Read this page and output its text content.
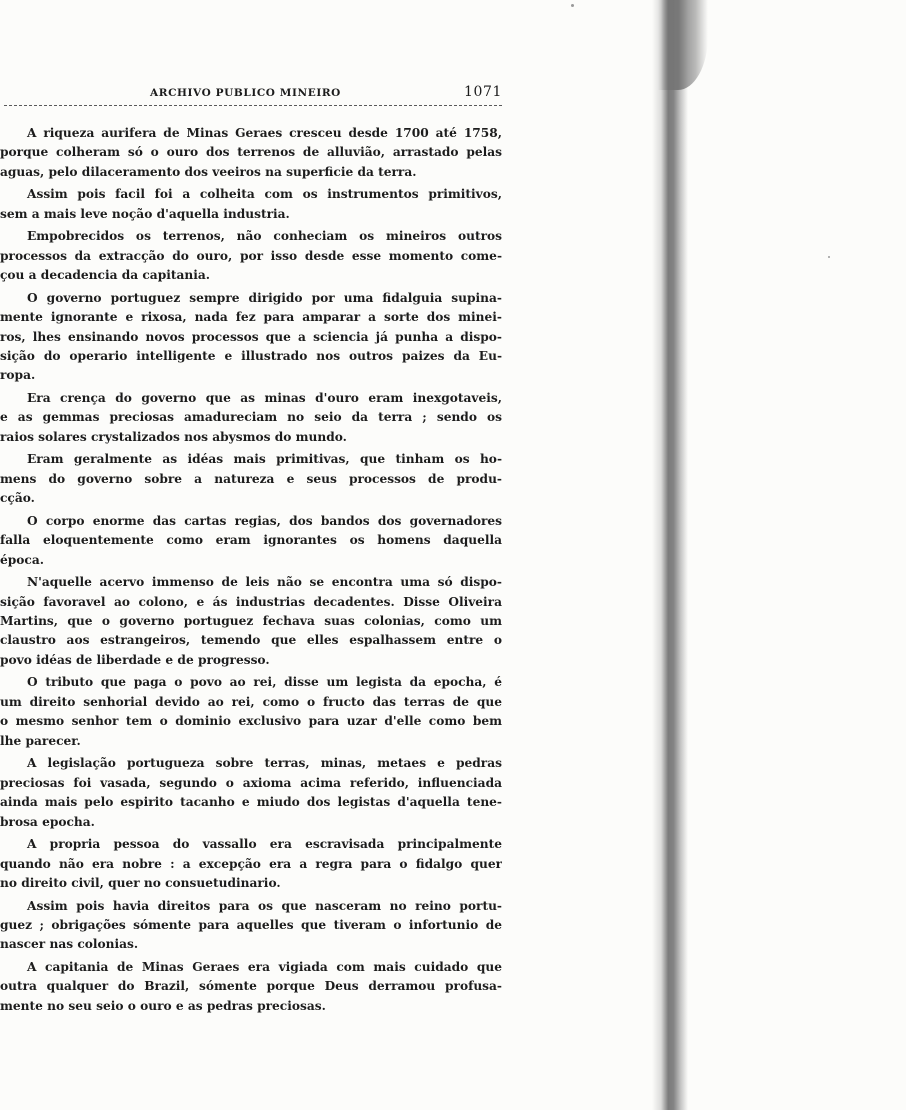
ARCHIVO PUBLICO MINEIRO	1071

A riqueza aurifera de Minas Geraes cresceu desde 1700 até 1758,
porque colheram só o ouro dos terrenos de alluvião, arrastado pelas
aguas, pelo dilaceramento dos veeiros na superficie da terra.

Assim pois facil foi a colheita com os instrumentos primitivos,
sem a mais leve noção d'aquella industria.

Empobrecidos os terrenos, não conheciam os mineiros outros
processos da extracção do ouro, por isso desde esse momento come-
çou a decadencia da capitania.

O governo portuguez sempre dirigido por uma fidalguia supina-
mente ignorante e rixosa, nada fez para amparar a sorte dos minei-
ros, lhes ensinando novos processos que a sciencia já punha a dispo-
sição do operario intelligente e illustrado nos outros paizes da Eu-
ropa.

Era crença do governo que as minas d'ouro eram inexgotaveis,
e as gemmas preciosas amadureciam no seio da terra ; sendo os
raios solares crystalizados nos abysmos do mundo.

Eram geralmente as idéas mais primitivas, que tinham os ho-
mens do governo sobre a natureza e seus processos de produ-
cção.

O corpo enorme das cartas regias, dos bandos dos governadores
falla eloquentemente como eram ignorantes os homens daquella
época.

N'aquelle acervo immenso de leis não se encontra uma só dispo-
sição favoravel ao colono, e ás industrias decadentes. Disse Oliveira
Martins, que o governo portuguez fechava suas colonias, como um
claustro aos estrangeiros, temendo que elles espalhassem entre o
povo idéas de liberdade e de progresso.

O tributo que paga o povo ao rei, disse um legista da epocha, é
um direito senhorial devido ao rei, como o fructo das terras de que
o mesmo senhor tem o dominio exclusivo para uzar d'elle como bem
lhe parecer.

A legislação portugueza sobre terras, minas, metaes e pedras
preciosas foi vasada, segundo o axioma acima referido, influenciada
ainda mais pelo espirito tacanho e miudo dos legistas d'aquella tene-
brosa epocha.

A propria pessoa do vassallo era escravisada principalmente
quando não era nobre : a excepção era a regra para o fidalgo quer
no direito civil, quer no consuetudinario.

Assim pois havia direitos para os que nasceram no reino portu-
guez ; obrigações sómente para aquelles que tiveram o infortunio de
nascer nas colonias.

A capitania de Minas Geraes era vigiada com mais cuidado que
outra qualquer do Brazil, sómente porque Deus derramou profusa-
mente no seu seio o ouro e as pedras preciosas.
